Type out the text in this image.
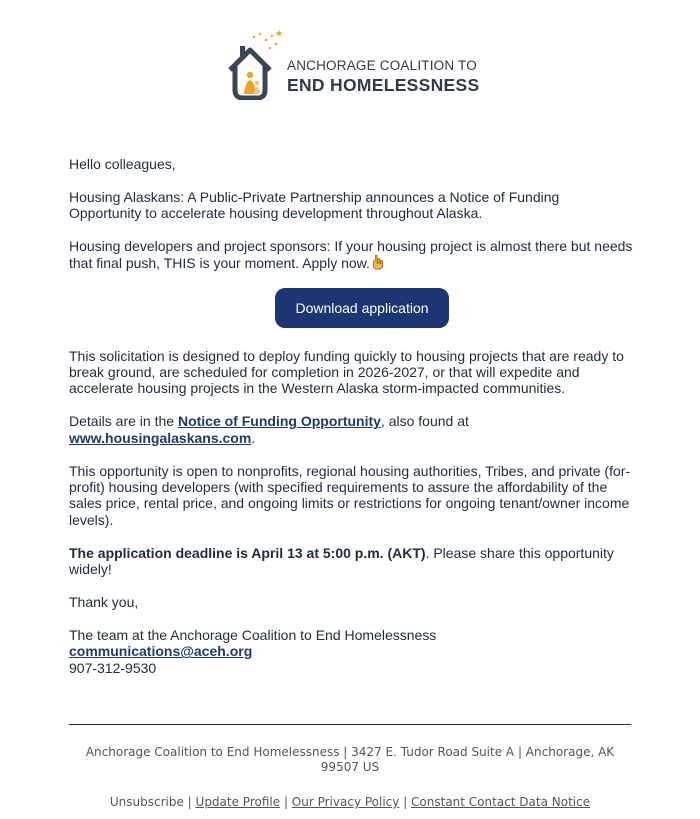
ANCHORAGE COALITION TO
END HOMELESSNESS

Hello colleagues,

Housing Alaskans: A Public-Private Partnership announces a Notice of Funding Opportunity to accelerate housing development throughout Alaska.

Housing developers and project sponsors: If your housing project is almost there but needs that final push, THIS is your moment. Apply now.

Download application

This solicitation is designed to deploy funding quickly to housing projects that are ready to break ground, are scheduled for completion in 2026-2027, or that will expedite and accelerate housing projects in the Western Alaska storm-impacted communities.

Details are in the Notice of Funding Opportunity, also found at www.housingalaskans.com.

This opportunity is open to nonprofits, regional housing authorities, Tribes, and private (for-profit) housing developers (with specified requirements to assure the affordability of the sales price, rental price, and ongoing limits or restrictions for ongoing tenant/owner income levels).

The application deadline is April 13 at 5:00 p.m. (AKT). Please share this opportunity widely!

Thank you,

The team at the Anchorage Coalition to End Homelessness
communications@aceh.org
907-312-9530
Anchorage Coalition to End Homelessness | 3427 E. Tudor Road Suite A | Anchorage, AK 99507 US
Unsubscribe | Update Profile | Our Privacy Policy | Constant Contact Data Notice
